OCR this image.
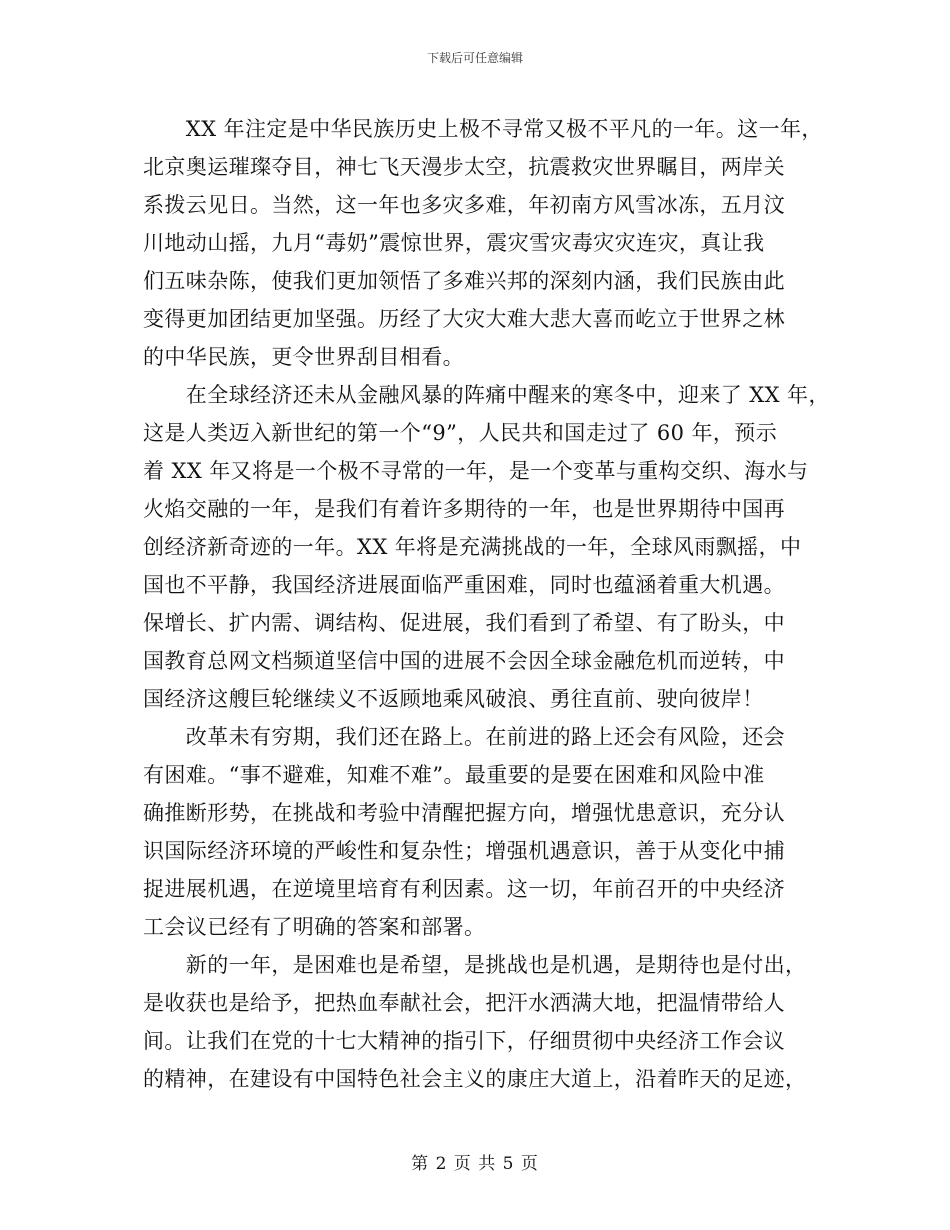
下载后可任意编辑
　　XX 年注定是中华民族历史上极不寻常又极不平凡的一年。这一年，
北京奥运璀璨夺目，神七飞天漫步太空，抗震救灾世界瞩目，两岸关
系拨云见日。当然，这一年也多灾多难，年初南方风雪冰冻，五月汶
川地动山摇，九月“毒奶”震惊世界，震灾雪灾毒灾灾连灾，真让我
们五味杂陈，使我们更加领悟了多难兴邦的深刻内涵，我们民族由此
变得更加团结更加坚强。历经了大灾大难大悲大喜而屹立于世界之林
的中华民族，更令世界刮目相看。
　　在全球经济还未从金融风暴的阵痛中醒来的寒冬中，迎来了 XX 年，
这是人类迈入新世纪的第一个“9”，人民共和国走过了 60 年，预示
着 XX 年又将是一个极不寻常的一年，是一个变革与重构交织、海水与
火焰交融的一年，是我们有着许多期待的一年，也是世界期待中国再
创经济新奇迹的一年。XX 年将是充满挑战的一年，全球风雨飘摇，中
国也不平静，我国经济进展面临严重困难，同时也蕴涵着重大机遇。
保增长、扩内需、调结构、促进展，我们看到了希望、有了盼头，中
国教育总网文档频道坚信中国的进展不会因全球金融危机而逆转，中
国经济这艘巨轮继续义不返顾地乘风破浪、勇往直前、驶向彼岸！
　　改革未有穷期，我们还在路上。在前进的路上还会有风险，还会
有困难。“事不避难，知难不难”。最重要的是要在困难和风险中准
确推断形势，在挑战和考验中清醒把握方向，增强忧患意识，充分认
识国际经济环境的严峻性和复杂性；增强机遇意识，善于从变化中捕
捉进展机遇，在逆境里培育有利因素。这一切，年前召开的中央经济
工会议已经有了明确的答案和部署。
　　新的一年，是困难也是希望，是挑战也是机遇，是期待也是付出，
是收获也是给予，把热血奉献社会，把汗水洒满大地，把温情带给人
间。让我们在党的十七大精神的指引下，仔细贯彻中央经济工作会议
的精神，在建设有中国特色社会主义的康庄大道上，沿着昨天的足迹，
第 2 页 共 5 页
